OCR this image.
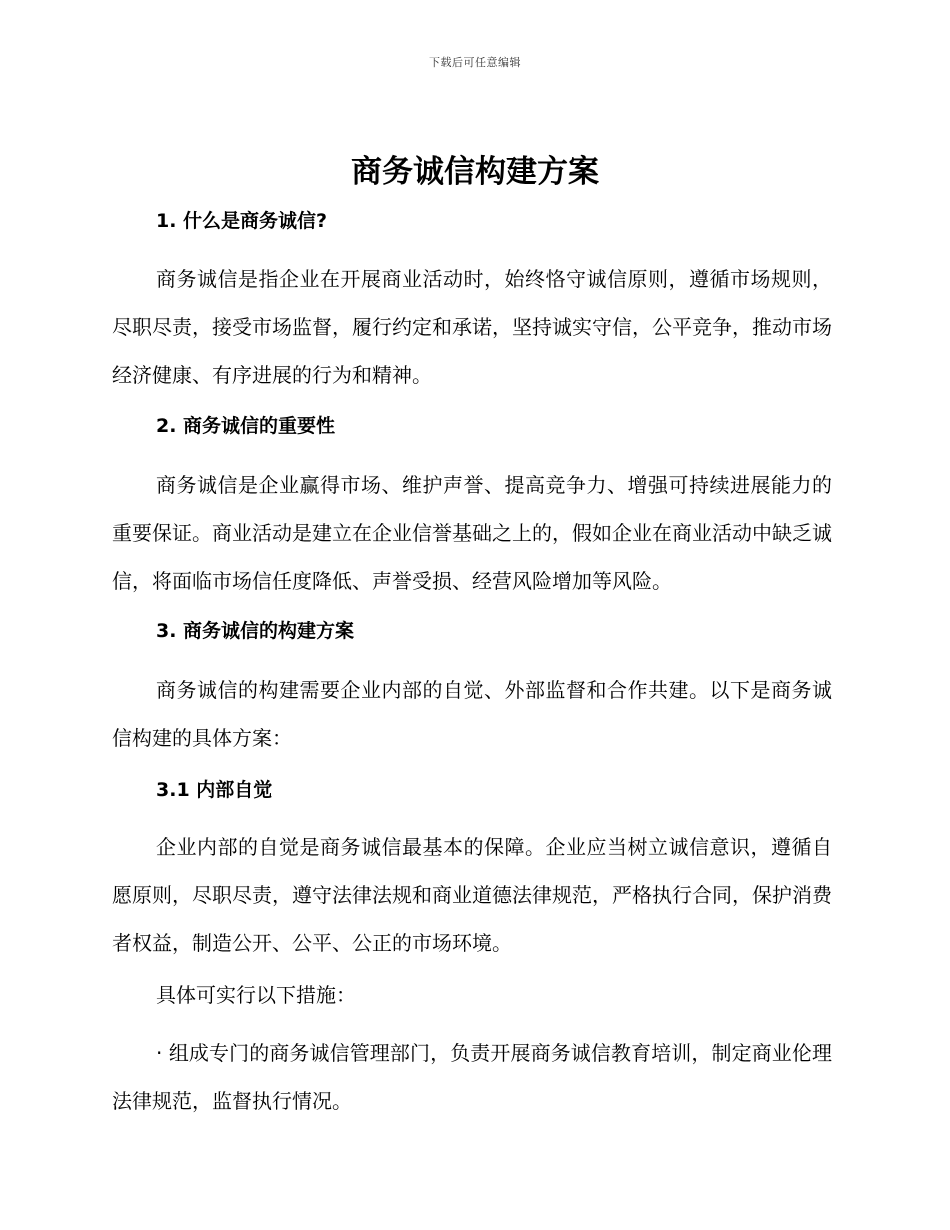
下载后可任意编辑
商务诚信构建方案
1. 什么是商务诚信?

商务诚信是指企业在开展商业活动时，始终恪守诚信原则，遵循市场规则，尽职尽责，接受市场监督，履行约定和承诺，坚持诚实守信，公平竞争，推动市场经济健康、有序进展的行为和精神。

2. 商务诚信的重要性

商务诚信是企业赢得市场、维护声誉、提高竞争力、增强可持续进展能力的重要保证。商业活动是建立在企业信誉基础之上的，假如企业在商业活动中缺乏诚信，将面临市场信任度降低、声誉受损、经营风险增加等风险。

3. 商务诚信的构建方案

商务诚信的构建需要企业内部的自觉、外部监督和合作共建。以下是商务诚信构建的具体方案：

3.1 内部自觉

企业内部的自觉是商务诚信最基本的保障。企业应当树立诚信意识，遵循自愿原则，尽职尽责，遵守法律法规和商业道德法律规范，严格执行合同，保护消费者权益，制造公开、公平、公正的市场环境。

具体可实行以下措施：

· 组成专门的商务诚信管理部门，负责开展商务诚信教育培训，制定商业伦理法律规范，监督执行情况。
